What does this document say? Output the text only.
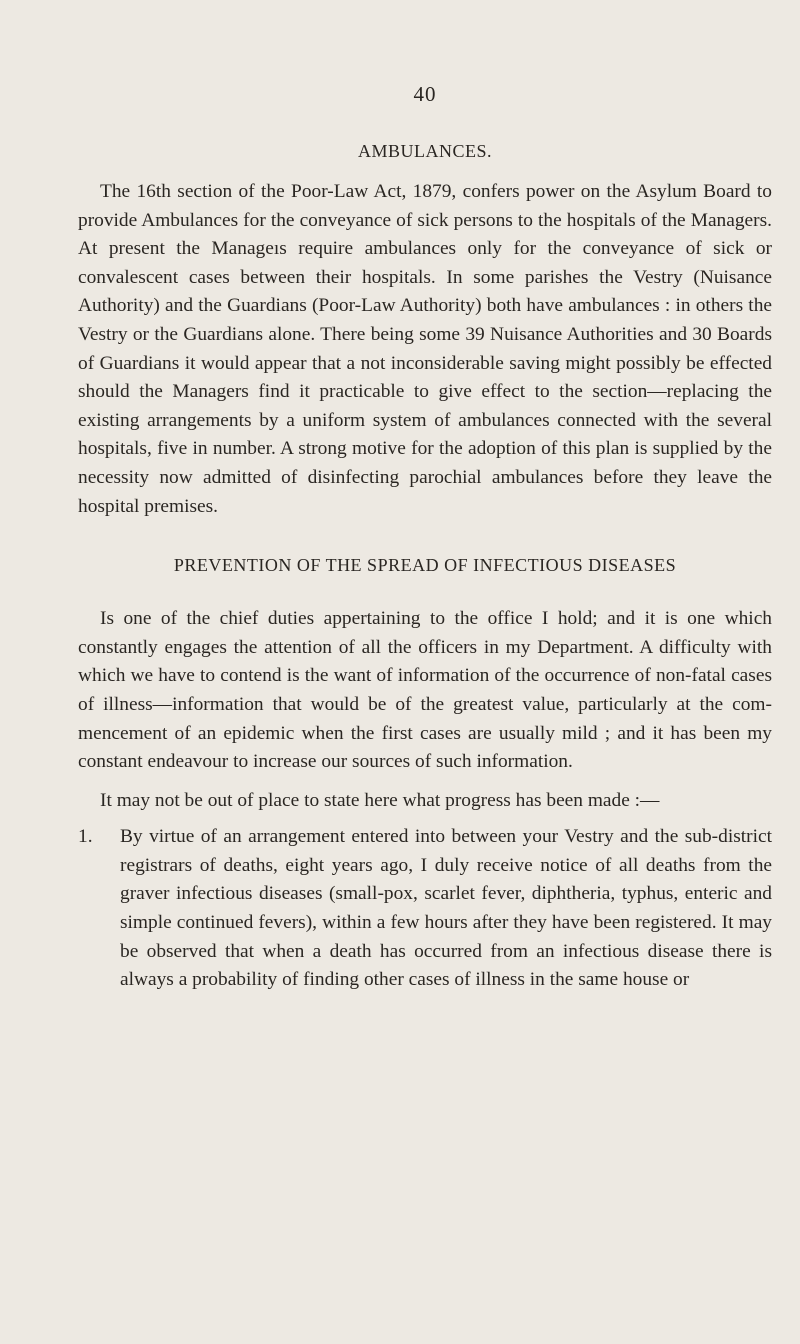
40
AMBULANCES.

The 16th section of the Poor-Law Act, 1879, confers power on the Asylum Board to provide Ambulances for the conveyance of sick persons to the hospitals of the Managers. At present the Manageıs require ambulances only for the conveyance of sick or convalescent cases between their hospitals. In some parishes the Vestry (Nuisance Authority) and the Guardians (Poor-Law Authority) both have ambulances : in others the Vestry or the Guardians alone. There being some 39 Nuisance Authorities and 30 Boards of Guardians it would appear that a not inconsiderable saving might possibly be effected should the Managers find it practicable to give effect to the section—replacing the existing arrangements by a uniform system of ambulances connected with the several hospitals, five in number. A strong motive for the adoption of this plan is supplied by the necessity now admitted of disinfecting parochial ambulances before they leave the hospital premises.

PREVENTION OF THE SPREAD OF INFECTIOUS DISEASES

Is one of the chief duties appertaining to the office I hold; and it is one which constantly engages the attention of all the officers in my Department. A difficulty with which we have to contend is the want of information of the occurrence of non-fatal cases of illness—information that would be of the greatest value, particularly at the commencement of an epidemic when the first cases are usually mild ; and it has been my constant endeavour to increase our sources of such information.

It may not be out of place to state here what progress has been made :—

1. By virtue of an arrangement entered into between your Vestry and the sub-district registrars of deaths, eight years ago, I duly receive notice of all deaths from the graver infectious diseases (small-pox, scarlet fever, diphtheria, typhus, enteric and simple continued fevers), within a few hours after they have been registered. It may be observed that when a death has occurred from an infectious disease there is always a probability of finding other cases of illness in the same house or
